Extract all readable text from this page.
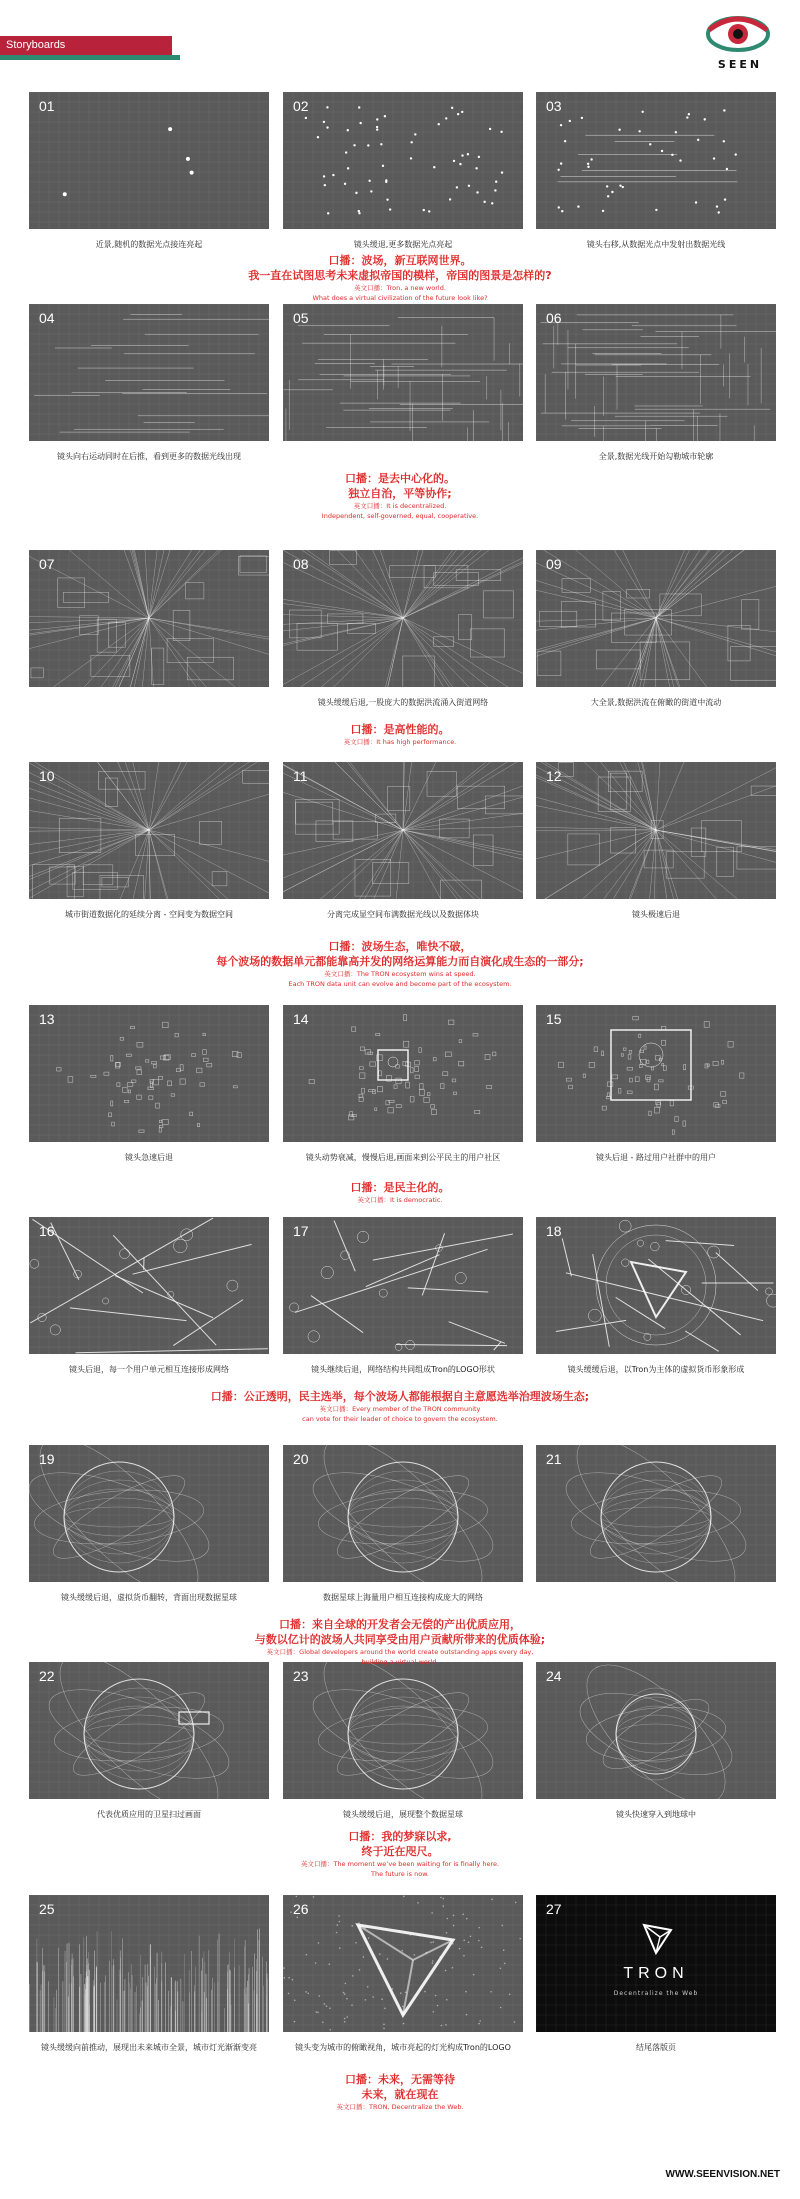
Storyboards
SEEN
01
近景,随机的数据光点接连亮起
02
镜头缓退,更多数据光点亮起
03
镜头右移,从数据光点中发射出数据光线
04
镜头向右运动同时在后推，看到更多的数据光线出现
05	06
全景,数据光线开始勾勒城市轮廓
07	08
镜头缓缓后退,一股庞大的数据洪流涌入街道网络
09
大全景,数据洪流在俯瞰的街道中流动
10
城市街道数据化的延续分离 - 空间变为数据空间
11
分离完成显空间布满数据光线以及数据体块
12
镜头极速后退
13
镜头急速后退
14
镜头动势衰减，慢慢后退,画面来到公平民主的用户社区
15
镜头后退 - 路过用户社群中的用户
16
镜头后退，每一个用户单元相互连接形成网络
17
镜头继续后退，网络结构共同组成Tron的LOGO形状
18
镜头缓缓后退，以Tron为主体的虚拟货币形象形成
19
镜头缓缓后退，虚拟货币翻转，背面出现数据星球
20
数据星球上海量用户相互连接构成庞大的网络
21
22
代表优质应用的卫星扫过画面
23
镜头缓缓后退，展现整个数据星球
24
镜头快速穿入到地球中
25
镜头缓缓向前推动，展现出未来城市全景，城市灯光渐渐变亮
26
镜头变为城市的俯瞰视角，城市亮起的灯光构成Tron的LOGO
27
TRON
Decentralize the Web
结尾落版页
口播：波场，新互联网世界。
我一直在试图思考未来虚拟帝国的模样，帝国的图景是怎样的?
英文口播：Tron, a new world.
What does a virtual civilization of the future look like?
口播：是去中心化的。
独立自治，平等协作;
英文口播：It is decentralized.
Independent, self-governed, equal, cooperative.
口播：是高性能的。
英文口播：It has high performance.
口播：波场生态，唯快不破，
每个波场的数据单元都能靠高并发的网络运算能力而自演化成生态的一部分;
英文口播：The TRON ecosystem wins at speed.
Each TRON data unit can evolve and become part of the ecosystem.
口播：是民主化的。
英文口播：It is democratic.
口播：公正透明，民主选举，每个波场人都能根据自主意愿选举治理波场生态;
英文口播：Every member of the TRON community
can vote for their leader of choice to govern the ecosystem.
口播：来自全球的开发者会无偿的产出优质应用，
与数以亿计的波场人共同享受由用户贡献所带来的优质体验;
英文口播：Global developers around the world create outstanding apps every day,
building a virtual world.
口播：我的梦寐以求,
终于近在咫尺。
英文口播：The moment we’ve been waiting for is finally here.
The future is now.
口播：未来，无需等待
未来，就在现在
英文口播：TRON, Decentralize the Web.
WWW.SEENVISION.NET
